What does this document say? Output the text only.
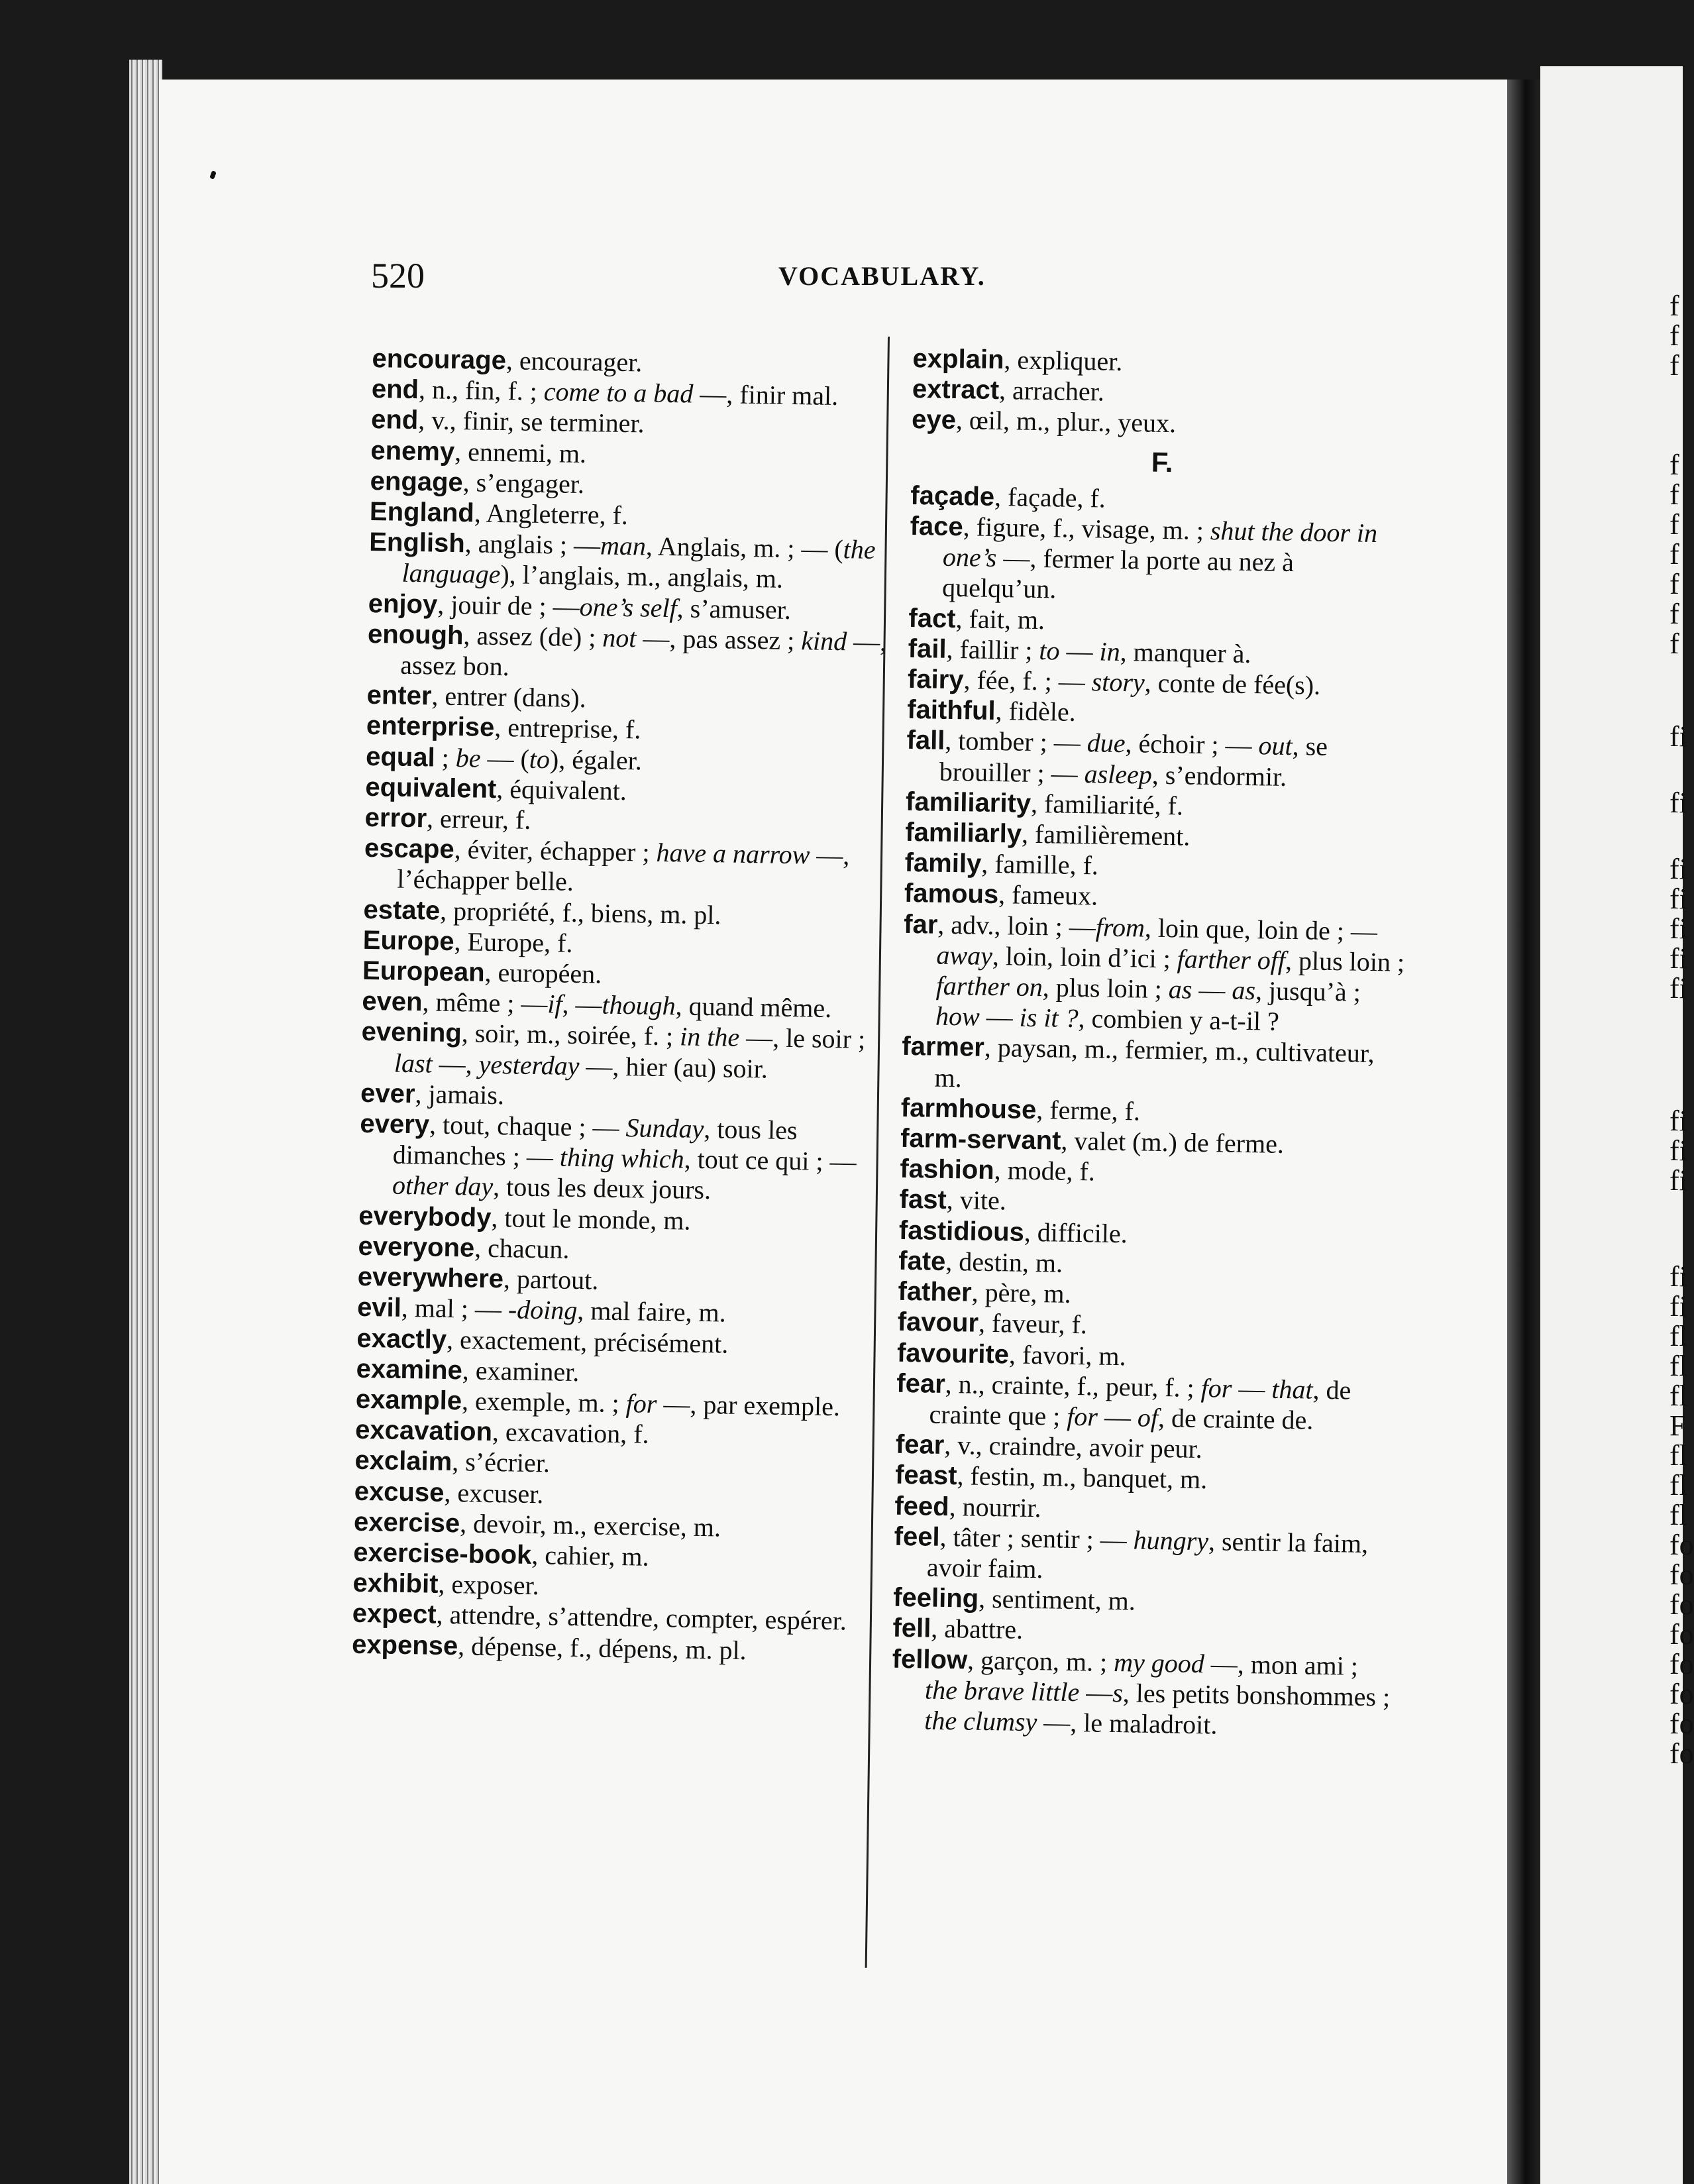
f
f
f
f
f
f
f
f
f
f
fi
fi
fi
fi
fi
fi
fi
fi
fi
fi
fi
fi
fl
fl
fl
F
fl
fl
fl
fo
fo
fo
fo
fo
fo
fo
fo
520	VOCABULARY.
encourage, encourager.
end, n., fin, f. ; come to a bad —, finir mal.
end, v., finir, se terminer.
enemy, ennemi, m.
engage, s’engager.
England, Angleterre, f.
English, anglais ; —man, Anglais, m. ; — (the language), l’anglais, m., anglais, m.
enjoy, jouir de ; —one’s self, s’amuser.
enough, assez (de) ; not —, pas assez ; kind —, assez bon.
enter, entrer (dans).
enterprise, entreprise, f.
equal ; be — (to), égaler.
equivalent, équivalent.
error, erreur, f.
escape, éviter, échapper ; have a narrow —, l’échapper belle.
estate, propriété, f., biens, m. pl.
Europe, Europe, f.
European, européen.
even, même ; —if, —though, quand même.
evening, soir, m., soirée, f. ; in the —, le soir ; last —, yesterday —, hier (au) soir.
ever, jamais.
every, tout, chaque ; — Sunday, tous les dimanches ; — thing which, tout ce qui ; — other day, tous les deux jours.
everybody, tout le monde, m.
everyone, chacun.
everywhere, partout.
evil, mal ; — -doing, mal faire, m.
exactly, exactement, précisément.
examine, examiner.
example, exemple, m. ; for —, par exemple.
excavation, excavation, f.
exclaim, s’écrier.
excuse, excuser.
exercise, devoir, m., exercise, m.
exercise-book, cahier, m.
exhibit, exposer.
expect, attendre, s’attendre, compter, espérer.
expense, dépense, f., dépens, m. pl.
explain, expliquer.
extract, arracher.
eye, œil, m., plur., yeux.
F.
façade, façade, f.
face, figure, f., visage, m. ; shut the door in one’s —, fermer la porte au nez à quelqu’un.
fact, fait, m.
fail, faillir ; to — in, manquer à.
fairy, fée, f. ; — story, conte de fée(s).
faithful, fidèle.
fall, tomber ; — due, échoir ; — out, se brouiller ; — asleep, s’endormir.
familiarity, familiarité, f.
familiarly, familièrement.
family, famille, f.
famous, fameux.
far, adv., loin ; —from, loin que, loin de ; —away, loin, loin d’ici ; farther off, plus loin ; farther on, plus loin ; as — as, jusqu’à ; how — is it ?, combien y a-t-il ?
farmer, paysan, m., fermier, m., cultivateur, m.
farmhouse, ferme, f.
farm-servant, valet (m.) de ferme.
fashion, mode, f.
fast, vite.
fastidious, difficile.
fate, destin, m.
father, père, m.
favour, faveur, f.
favourite, favori, m.
fear, n., crainte, f., peur, f. ; for — that, de crainte que ; for — of, de crainte de.
fear, v., craindre, avoir peur.
feast, festin, m., banquet, m.
feed, nourrir.
feel, tâter ; sentir ; — hungry, sentir la faim, avoir faim.
feeling, sentiment, m.
fell, abattre.
fellow, garçon, m. ; my good —, mon ami ; the brave little —s, les petits bonshommes ; the clumsy —, le maladroit.
